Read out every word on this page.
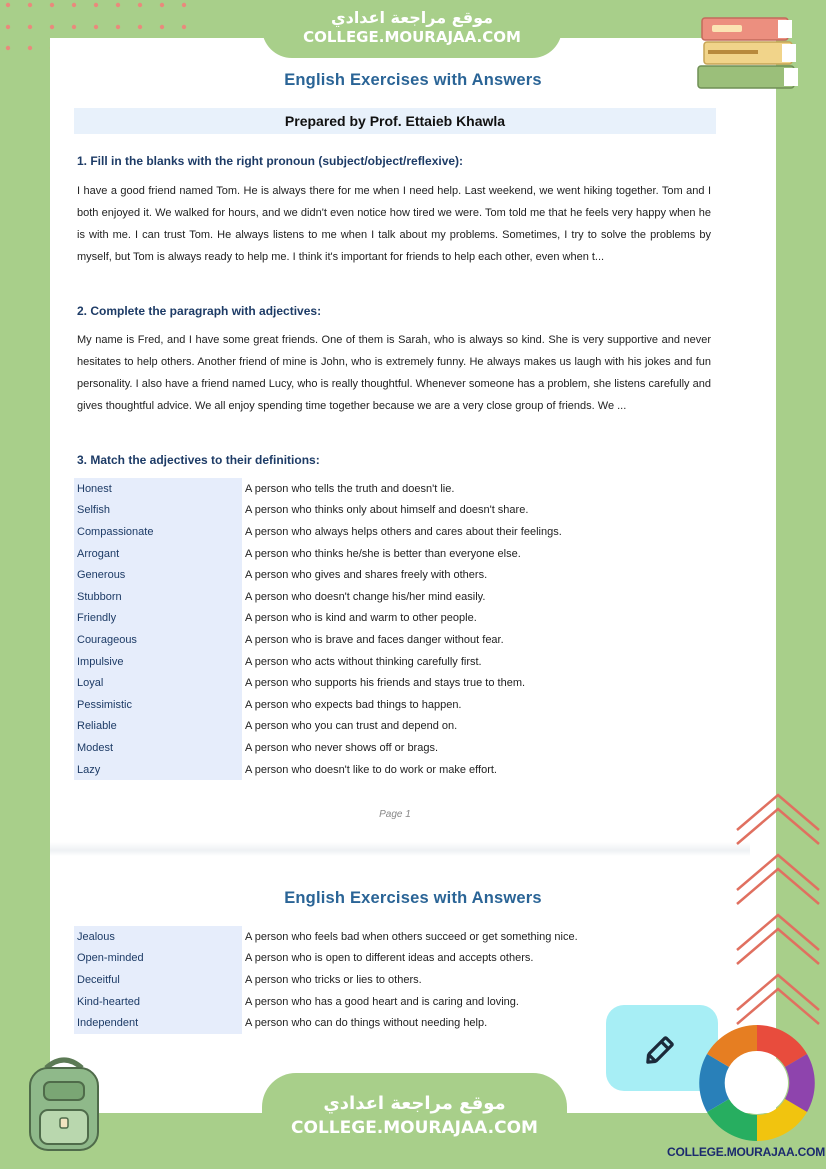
English Exercises with Answers
Prepared by Prof. Ettaieb Khawla
1. Fill in the blanks with the right pronoun (subject/object/reflexive):
I have a good friend named Tom. He is always there for me when I need help. Last weekend, we went hiking together. Tom and I both enjoyed it. We walked for hours, and we didn't even notice how tired we were. Tom told me that he feels very happy when he is with me. I can trust Tom. He always listens to me when I talk about my problems. Sometimes, I try to solve the problems by myself, but Tom is always ready to help me. I think it's important for friends to help each other, even when t...
2. Complete the paragraph with adjectives:
My name is Fred, and I have some great friends. One of them is Sarah, who is always so kind. She is very supportive and never hesitates to help others. Another friend of mine is John, who is extremely funny. He always makes us laugh with his jokes and fun personality. I also have a friend named Lucy, who is really thoughtful. Whenever someone has a problem, she listens carefully and gives thoughtful advice. We all enjoy spending time together because we are a very close group of friends. We ...
3. Match the adjectives to their definitions:
Honest	A person who tells the truth and doesn't lie.
Selfish	A person who thinks only about himself and doesn't share.
Compassionate	A person who always helps others and cares about their feelings.
Arrogant	A person who thinks he/she is better than everyone else.
Generous	A person who gives and shares freely with others.
Stubborn	A person who doesn't change his/her mind easily.
Friendly	A person who is kind and warm to other people.
Courageous	A person who is brave and faces danger without fear.
Impulsive	A person who acts without thinking carefully first.
Loyal	A person who supports his friends and stays true to them.
Pessimistic	A person who expects bad things to happen.
Reliable	A person who you can trust and depend on.
Modest	A person who never shows off or brags.
Lazy	A person who doesn't like to do work or make effort.
Page 1
English Exercises with Answers
Jealous	A person who feels bad when others succeed or get something nice.
Open-minded	A person who is open to different ideas and accepts others.
Deceitful	A person who tricks or lies to others.
Kind-hearted	A person who has a good heart and is caring and loving.
Independent	A person who can do things without needing help.
موقع مراجعة اعدادي
COLLEGE.MOURAJAA.COM
موقع مراجعة اعدادي
COLLEGE.MOURAJAA.COM
COLLEGE.MOURAJAA.COM
